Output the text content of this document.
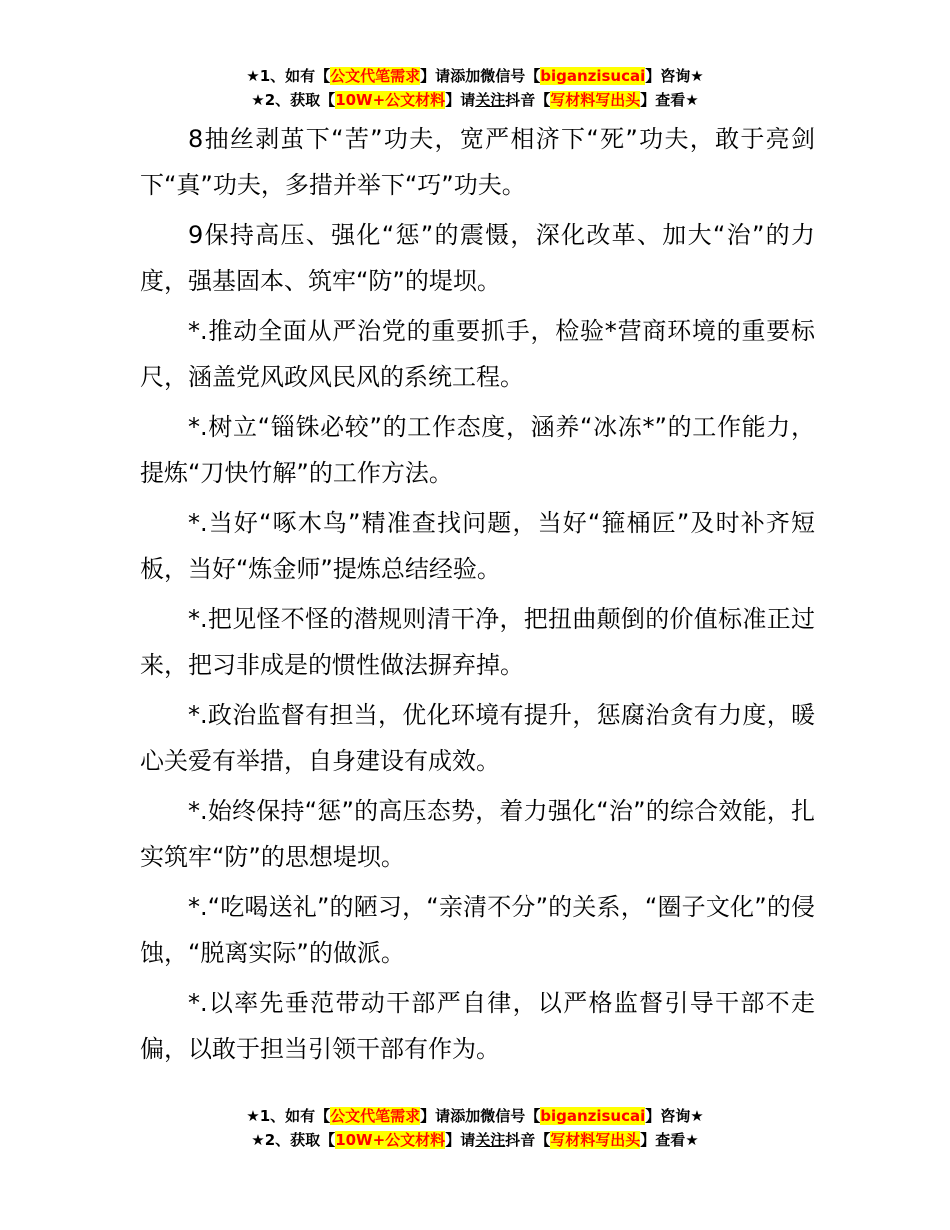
★1、如有【公文代笔需求】请添加微信号【biganzisucai】咨询★
★2、获取【10W+公文材料】请关注抖音【写材料写出头】查看★

8抽丝剥茧下“苦”功夫，宽严相济下“死”功夫，敢于亮剑下“真”功夫，多措并举下“巧”功夫。

9保持高压、强化“惩”的震慑，深化改革、加大“治”的力度，强基固本、筑牢“防”的堤坝。

*.推动全面从严治党的重要抓手，检验*营商环境的重要标尺，涵盖党风政风民风的系统工程。

*.树立“锱铢必较”的工作态度，涵养“冰冻*”的工作能力，提炼“刀快竹解”的工作方法。

*.当好“啄木鸟”精准查找问题，当好“箍桶匠”及时补齐短板，当好“炼金师”提炼总结经验。

*.把见怪不怪的潜规则清干净，把扭曲颠倒的价值标准正过来，把习非成是的惯性做法摒弃掉。

*.政治监督有担当，优化环境有提升，惩腐治贪有力度，暖心关爱有举措，自身建设有成效。

*.始终保持“惩”的高压态势，着力强化“治”的综合效能，扎实筑牢“防”的思想堤坝。

*.“吃喝送礼”的陋习，“亲清不分”的关系，“圈子文化”的侵蚀，“脱离实际”的做派。

*.以率先垂范带动干部严自律，以严格监督引导干部不走偏，以敢于担当引领干部有作为。

★1、如有【公文代笔需求】请添加微信号【biganzisucai】咨询★
★2、获取【10W+公文材料】请关注抖音【写材料写出头】查看★
